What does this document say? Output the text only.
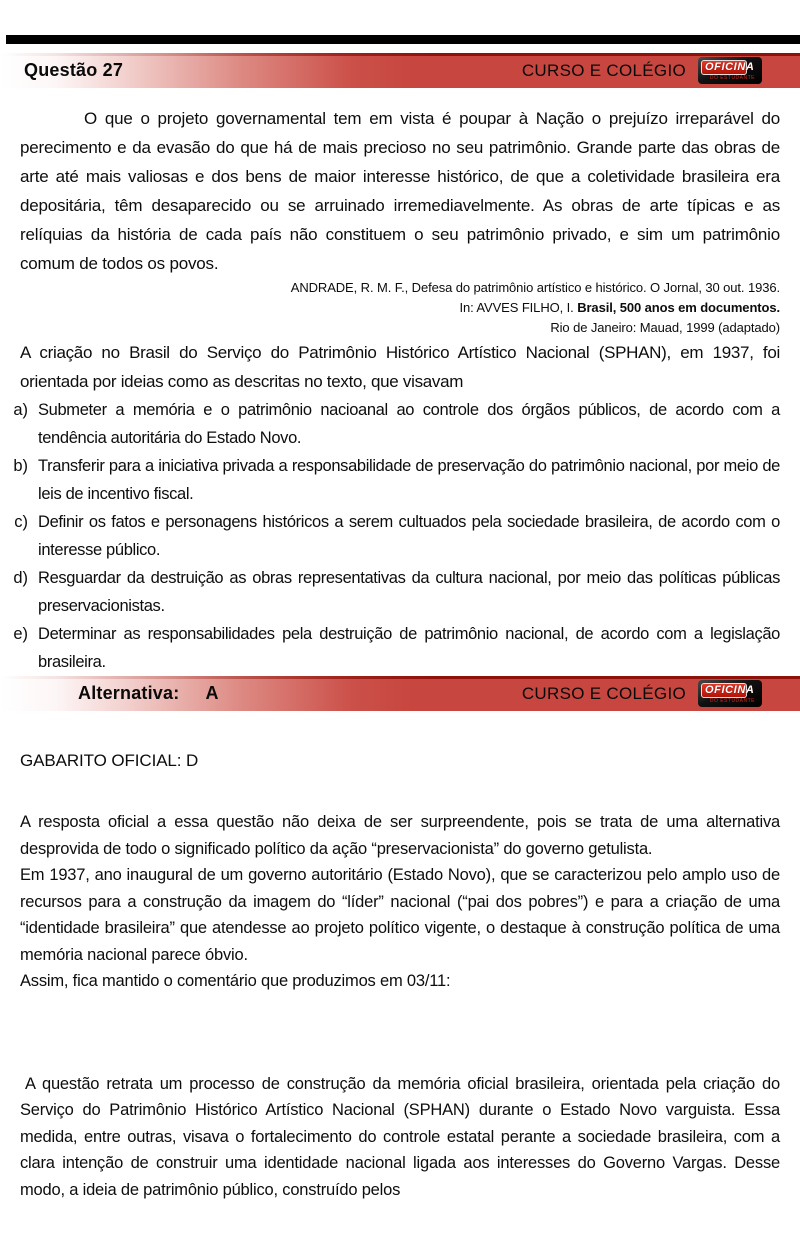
Questão 27	CURSO E COLÉGIO OFICINA
DO ESTUDANTE

O que o projeto governamental tem em vista é poupar à Nação o prejuízo irreparável do perecimento e da evasão do que há de mais precioso no seu patrimônio. Grande parte das obras de arte até mais valiosas e dos bens de maior interesse histórico, de que a coletividade brasileira era depositária, têm desaparecido ou se arruinado irremediavelmente. As obras de arte típicas e as relíquias da história de cada país não constituem o seu patrimônio privado, e sim um patrimônio comum de todos os povos.

ANDRADE, R. M. F., Defesa do patrimônio artístico e histórico. O Jornal, 30 out. 1936.
In: AVVES FILHO, I. Brasil, 500 anos em documentos.
Rio de Janeiro: Mauad, 1999 (adaptado)

A criação no Brasil do Serviço do Patrimônio Histórico Artístico Nacional (SPHAN), em 1937, foi orientada por ideias como as descritas no texto, que visavam

a) Submeter a memória e o patrimônio nacioanal ao controle dos órgãos públicos, de acordo com a tendência autoritária do Estado Novo.
b) Transferir para a iniciativa privada a responsabilidade de preservação do patrimônio nacional, por meio de leis de incentivo fiscal.
c) Definir os fatos e personagens históricos a serem cultuados pela sociedade brasileira, de acordo com o interesse público.
d) Resguardar da destruição as obras representativas da cultura nacional, por meio das políticas públicas preservacionistas.
e) Determinar as responsabilidades pela destruição de patrimônio nacional, de acordo com a legislação brasileira.
Alternativa: A	CURSO E COLÉGIO OFICINA
DO ESTUDANTE
GABARITO OFICIAL: D

A resposta oficial a essa questão não deixa de ser surpreendente, pois se trata de uma alternativa desprovida de todo o significado político da ação “preservacionista” do governo getulista.

Em 1937, ano inaugural de um governo autoritário (Estado Novo), que se caracterizou pelo amplo uso de recursos para a construção da imagem do “líder” nacional (“pai dos pobres”) e para a criação de uma “identidade brasileira” que atendesse ao projeto político vigente, o destaque à construção política de uma memória nacional parece óbvio.

Assim, fica mantido o comentário que produzimos em 03/11:

A questão retrata um processo de construção da memória oficial brasileira, orientada pela criação do Serviço do Patrimônio Histórico Artístico Nacional (SPHAN) durante o Estado Novo varguista. Essa medida, entre outras, visava o fortalecimento do controle estatal perante a sociedade brasileira, com a clara intenção de construir uma identidade nacional ligada aos interesses do Governo Vargas. Desse modo, a ideia de patrimônio público, construído pelos
